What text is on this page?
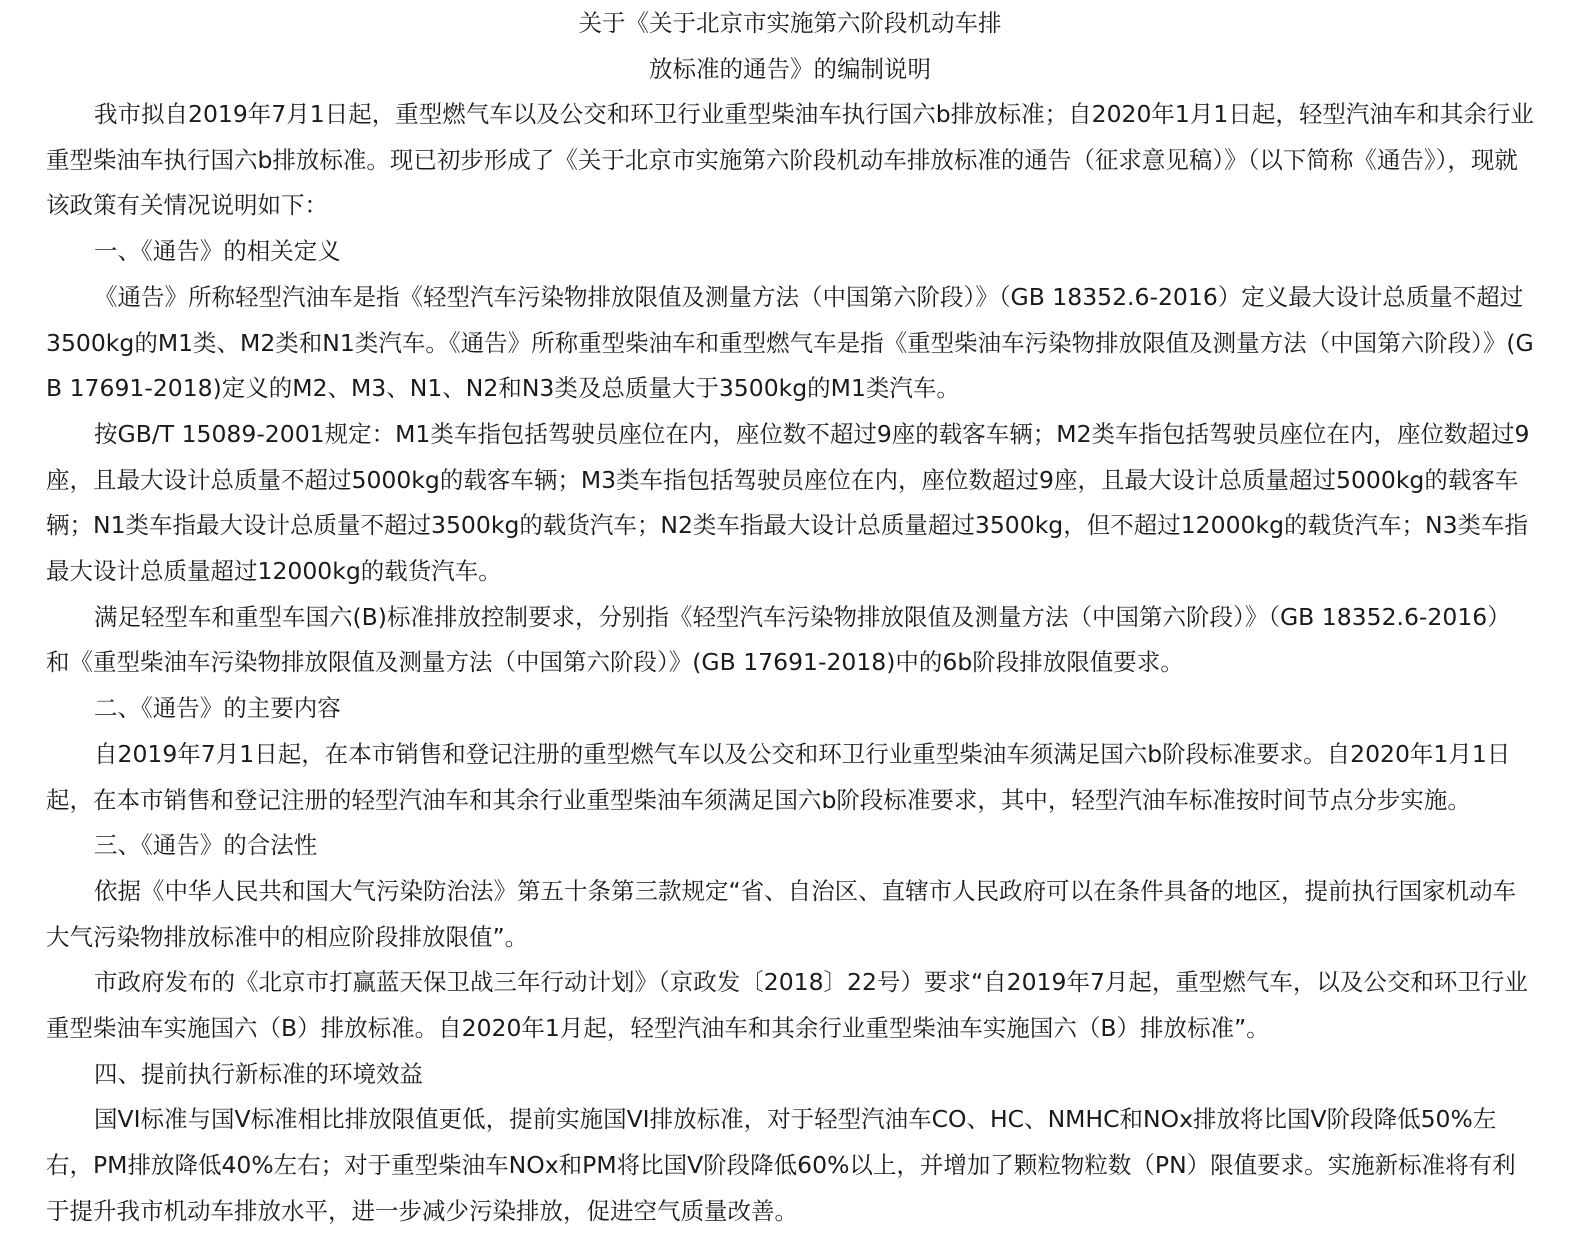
关于《关于北京市实施第六阶段机动车排
放标准的通告》的编制说明

我市拟自2019年7月1日起，重型燃气车以及公交和环卫行业重型柴油车执行国六b排放标准；自2020年1月1日起，轻型汽油车和其余行业重型柴油车执行国六b排放标准。现已初步形成了《关于北京市实施第六阶段机动车排放标准的通告（征求意见稿）》（以下简称《通告》），现就该政策有关情况说明如下：

一、《通告》的相关定义

《通告》所称轻型汽油车是指《轻型汽车污染物排放限值及测量方法（中国第六阶段）》（GB 18352.6-2016）定义最大设计总质量不超过3500kg的M1类、M2类和N1类汽车。《通告》所称重型柴油车和重型燃气车是指《重型柴油车污染物排放限值及测量方法（中国第六阶段）》(GB 17691-2018)定义的M2、M3、N1、N2和N3类及总质量大于3500kg的M1类汽车。

按GB/T 15089-2001规定：M1类车指包括驾驶员座位在内，座位数不超过9座的载客车辆；M2类车指包括驾驶员座位在内，座位数超过9座，且最大设计总质量不超过5000kg的载客车辆；M3类车指包括驾驶员座位在内，座位数超过9座，且最大设计总质量超过5000kg的载客车辆；N1类车指最大设计总质量不超过3500kg的载货汽车；N2类车指最大设计总质量超过3500kg，但不超过12000kg的载货汽车；N3类车指最大设计总质量超过12000kg的载货汽车。

满足轻型车和重型车国六(B)标准排放控制要求，分别指《轻型汽车污染物排放限值及测量方法（中国第六阶段）》（GB 18352.6-2016）和《重型柴油车污染物排放限值及测量方法（中国第六阶段）》(GB 17691-2018)中的6b阶段排放限值要求。

二、《通告》的主要内容

自2019年7月1日起，在本市销售和登记注册的重型燃气车以及公交和环卫行业重型柴油车须满足国六b阶段标准要求。自2020年1月1日起，在本市销售和登记注册的轻型汽油车和其余行业重型柴油车须满足国六b阶段标准要求，其中，轻型汽油车标准按时间节点分步实施。

三、《通告》的合法性

依据《中华人民共和国大气污染防治法》第五十条第三款规定“省、自治区、直辖市人民政府可以在条件具备的地区，提前执行国家机动车大气污染物排放标准中的相应阶段排放限值”。

市政府发布的《北京市打赢蓝天保卫战三年行动计划》（京政发〔2018〕22号）要求“自2019年7月起，重型燃气车，以及公交和环卫行业重型柴油车实施国六（B）排放标准。自2020年1月起，轻型汽油车和其余行业重型柴油车实施国六（B）排放标准”。

四、提前执行新标准的环境效益

国VI标准与国V标准相比排放限值更低，提前实施国VI排放标准，对于轻型汽油车CO、HC、NMHC和NOx排放将比国V阶段降低50%左右，PM排放降低40%左右；对于重型柴油车NOx和PM将比国V阶段降低60%以上，并增加了颗粒物粒数（PN）限值要求。实施新标准将有利于提升我市机动车排放水平，进一步减少污染排放，促进空气质量改善。
